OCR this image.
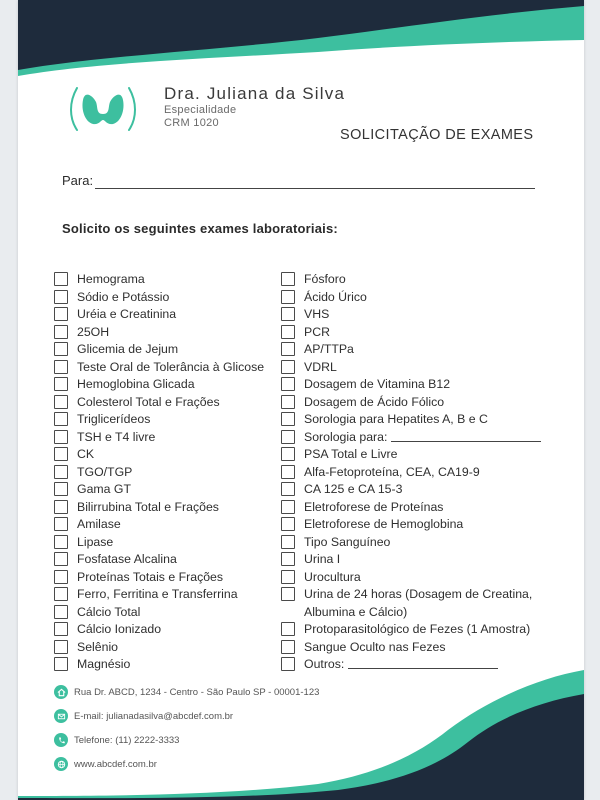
Dra. Juliana da Silva
Especialidade
CRM 1020
SOLICITAÇÃO DE EXAMES
Para:
Solicito os seguintes exames laboratoriais:
Hemograma
Sódio e Potássio
Uréia e Creatinina
25OH
Glicemia de Jejum
Teste Oral de Tolerância à Glicose
Hemoglobina Glicada
Colesterol Total e Frações
Triglicerídeos
TSH e T4 livre
CK
TGO/TGP
Gama GT
Bilirrubina Total e Frações
Amilase
Lipase
Fosfatase Alcalina
Proteínas Totais e Frações
Ferro, Ferritina e Transferrina
Cálcio Total
Cálcio Ionizado
Selênio
Magnésio
Fósforo
Ácido Úrico
VHS
PCR
AP/TTPa
VDRL
Dosagem de Vitamina B12
Dosagem de Ácido Fólico
Sorologia para Hepatites A, B e C
Sorologia para:
PSA Total e Livre
Alfa-Fetoproteína, CEA, CA19-9
CA 125 e CA 15-3
Eletroforese de Proteínas
Eletroforese de Hemoglobina
Tipo Sanguíneo
Urina I
Urocultura
Urina de 24 horas (Dosagem de Creatina, Albumina e Cálcio)
Protoparasitológico de Fezes (1 Amostra)
Sangue Oculto nas Fezes
Outros:
Rua Dr. ABCD, 1234 - Centro - São Paulo SP - 00001-123
E-mail: julianadasilva@abcdef.com.br
Telefone: (11) 2222-3333
www.abcdef.com.br
